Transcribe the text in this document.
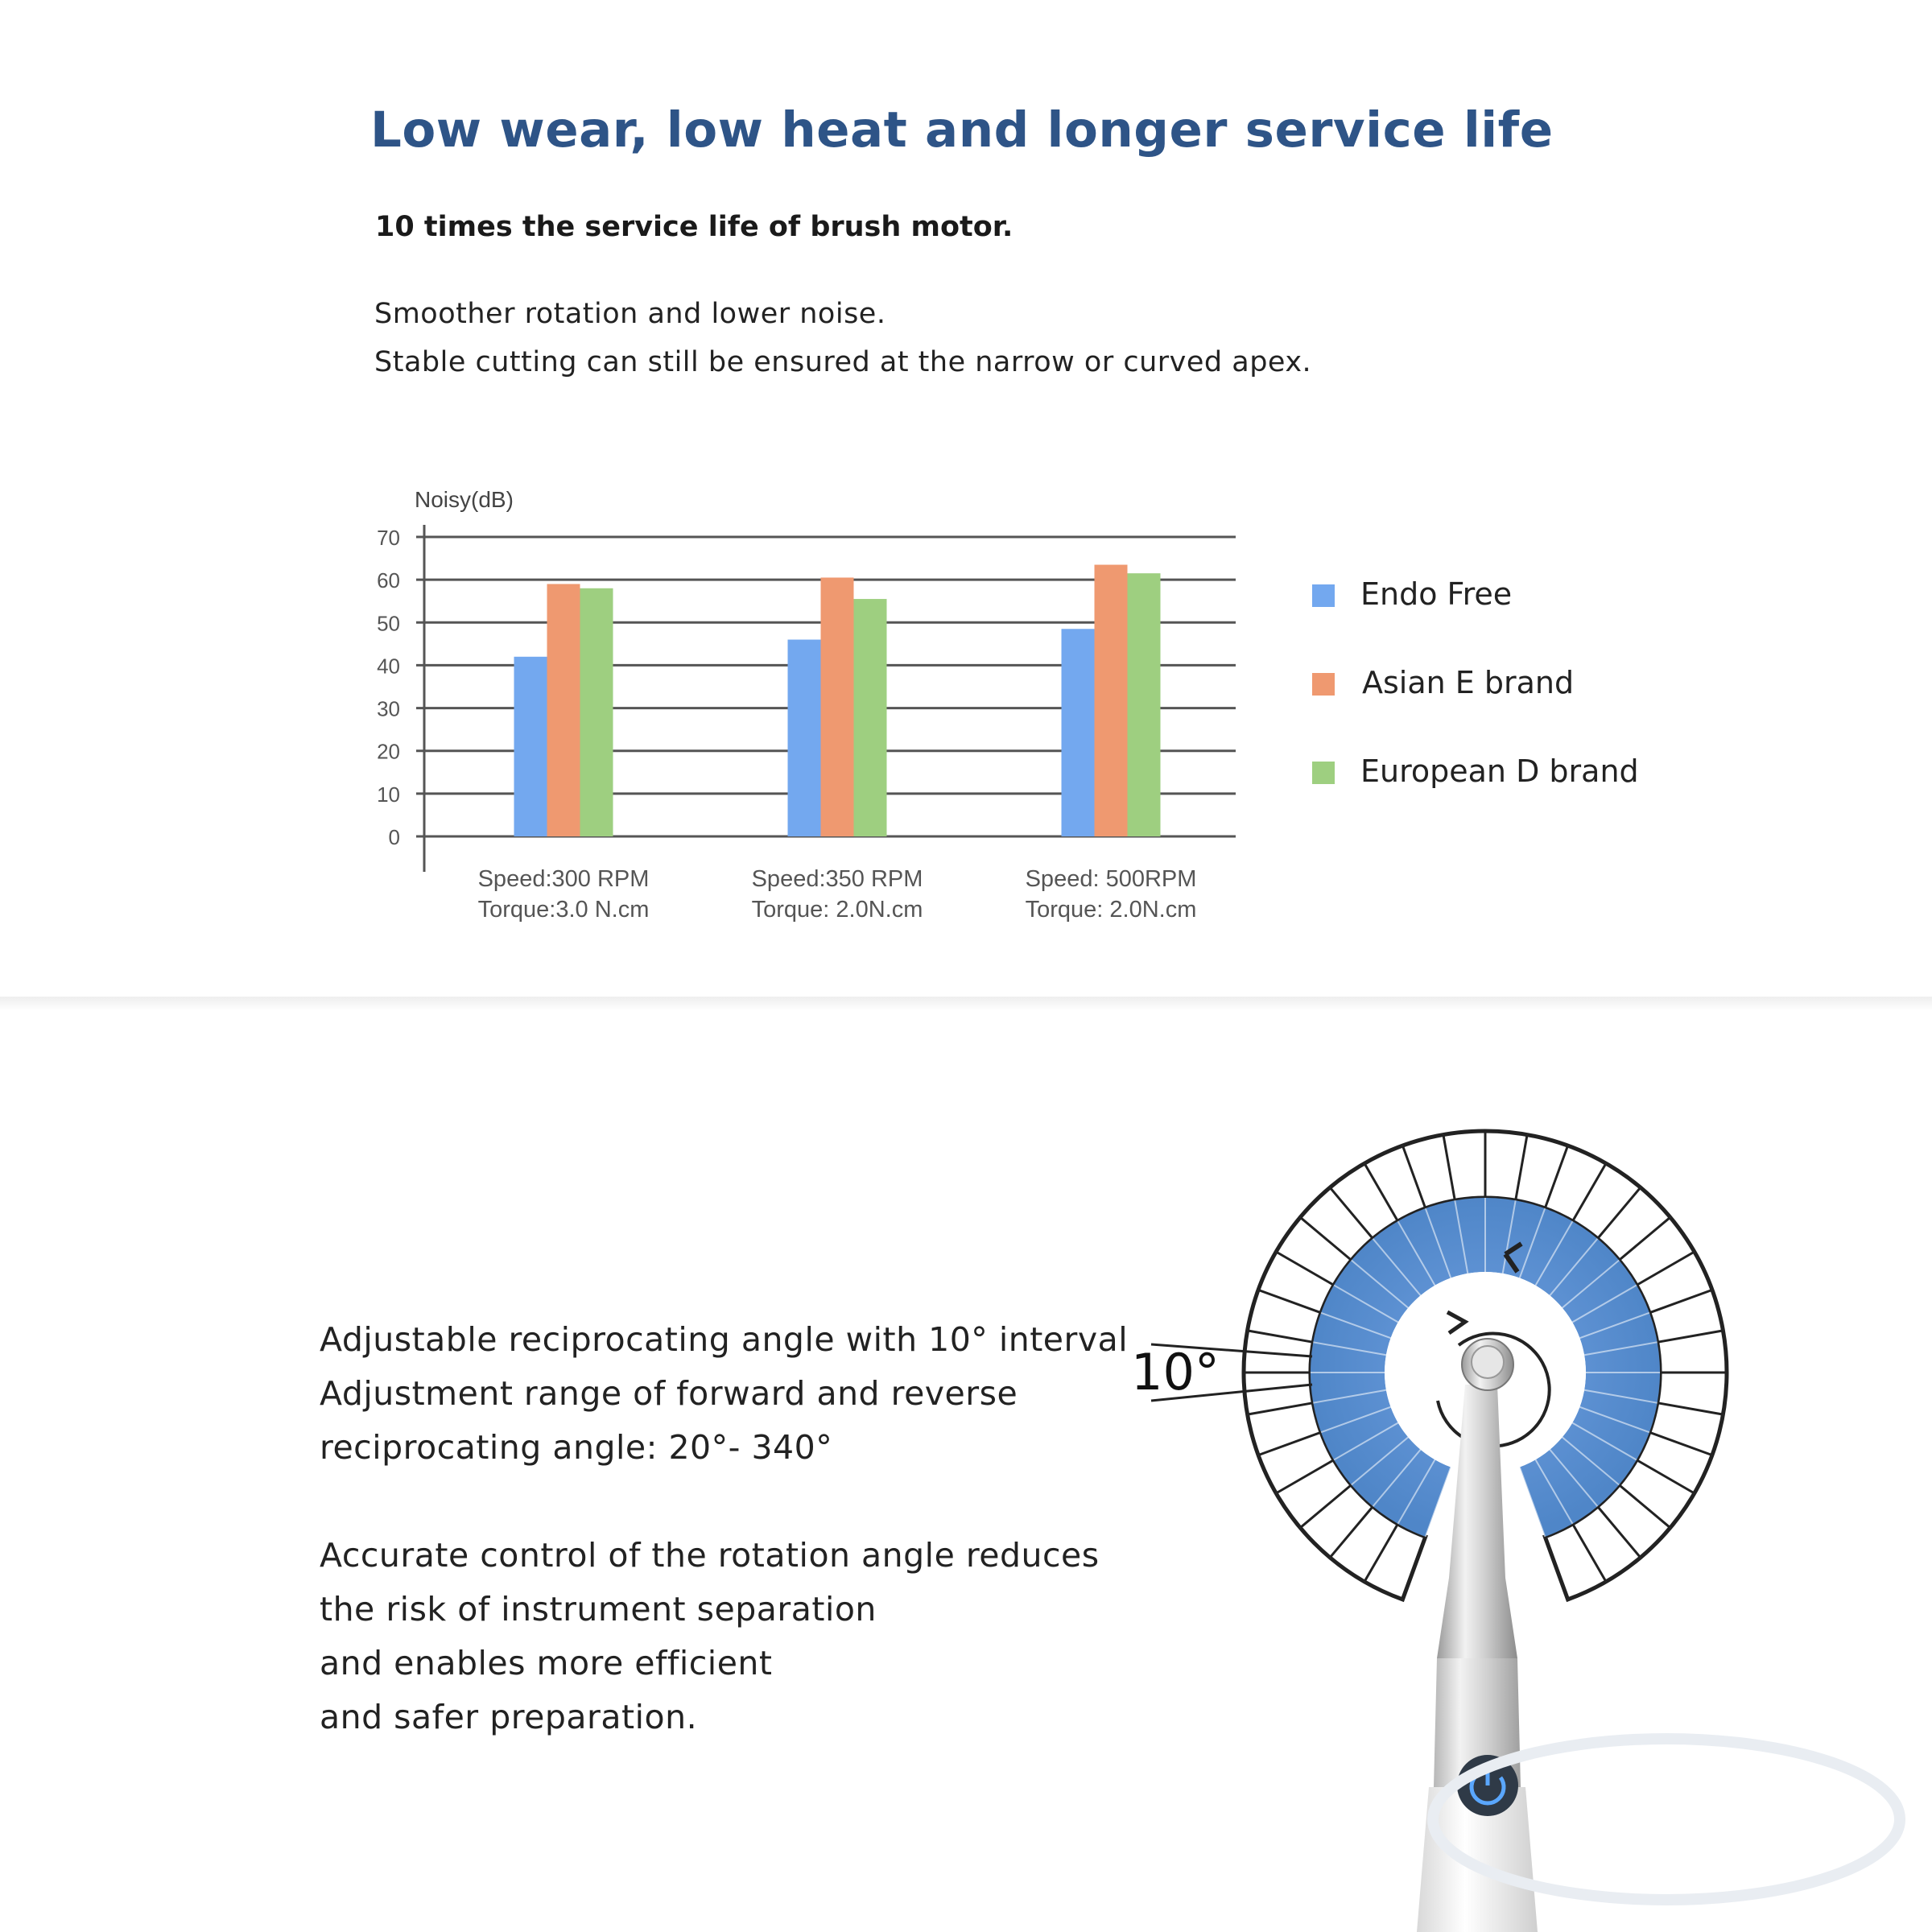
Low wear, low heat and longer service life
10 times the service life of brush motor.
Smoother rotation and lower noise.
Stable cutting can still be ensured at the narrow or curved apex.
0
10
20
30
40
50
60
70
Speed:300 RPM
Torque:3.0 N.cm
Speed:350 RPM
Torque: 2.0N.cm
Speed: 500RPM
Torque: 2.0N.cm
Noisy(dB)
Endo Free
Asian E brand
European D brand
Adjustable reciprocating angle with 10° interval
Adjustment range of forward and reverse
reciprocating angle: 20°- 340°
Accurate control of the rotation angle reduces
the risk of instrument separation
and enables more efficient
and safer preparation.
10°
